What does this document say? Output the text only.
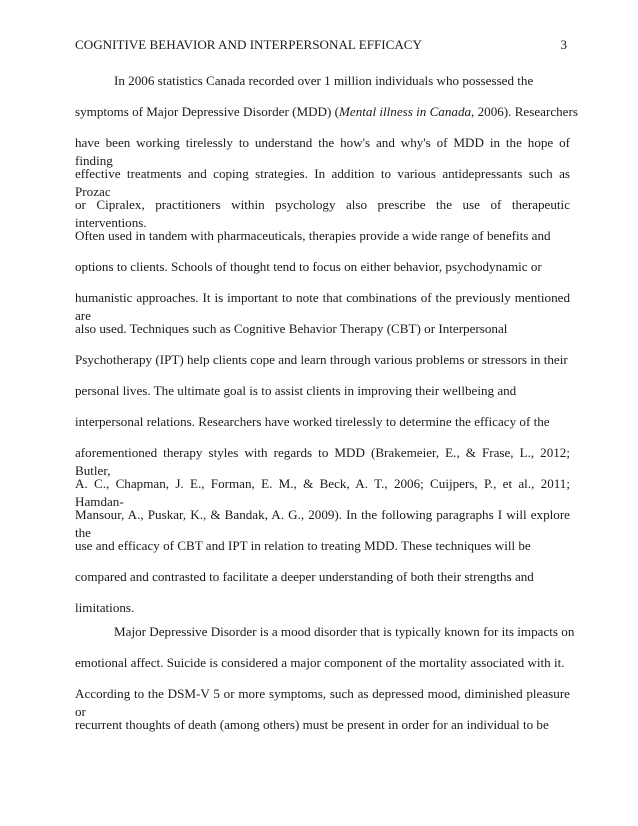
COGNITIVE BEHAVIOR AND INTERPERSONAL EFFICACY	3
In 2006 statistics Canada recorded over 1 million individuals who possessed the
symptoms of Major Depressive Disorder (MDD) (Mental illness in Canada, 2006). Researchers
have been working tirelessly to understand the how's and why's of MDD in the hope of finding
effective treatments and coping strategies. In addition to various antidepressants such as Prozac
or Cipralex, practitioners within psychology also prescribe the use of therapeutic interventions.
Often used in tandem with pharmaceuticals, therapies provide a wide range of benefits and
options to clients. Schools of thought tend to focus on either behavior, psychodynamic or
humanistic approaches. It is important to note that combinations of the previously mentioned are
also used. Techniques such as Cognitive Behavior Therapy (CBT) or Interpersonal
Psychotherapy (IPT) help clients cope and learn through various problems or stressors in their
personal lives. The ultimate goal is to assist clients in improving their wellbeing and
interpersonal relations. Researchers have worked tirelessly to determine the efficacy of the
aforementioned therapy styles with regards to MDD (Brakemeier, E., & Frase, L., 2012; Butler,
A. C., Chapman, J. E., Forman, E. M., & Beck, A. T., 2006; Cuijpers, P., et al., 2011; Hamdan-
Mansour, A., Puskar, K., & Bandak, A. G., 2009). In the following paragraphs I will explore the
use and efficacy of CBT and IPT in relation to treating MDD. These techniques will be
compared and contrasted to facilitate a deeper understanding of both their strengths and
limitations.
Major Depressive Disorder is a mood disorder that is typically known for its impacts on
emotional affect. Suicide is considered a major component of the mortality associated with it.
According to the DSM-V 5 or more symptoms, such as depressed mood, diminished pleasure or
recurrent thoughts of death (among others) must be present in order for an individual to be
